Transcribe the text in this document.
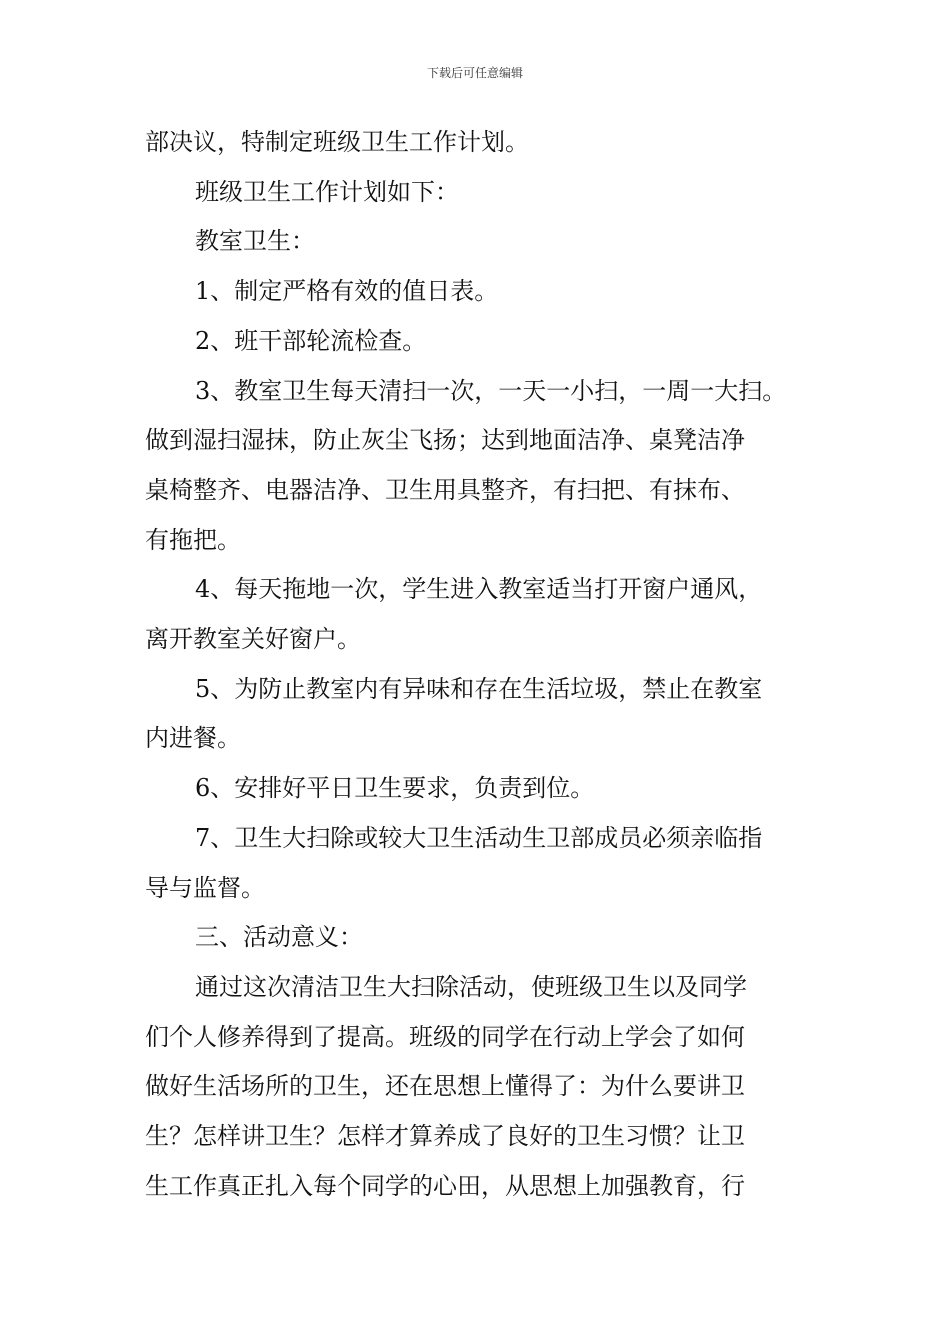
下载后可任意编辑
部决议，特制定班级卫生工作计划。
班级卫生工作计划如下：
教室卫生：
1、制定严格有效的值日表。
2、班干部轮流检查。
3、教室卫生每天清扫一次，一天一小扫，一周一大扫。
做到湿扫湿抹，防止灰尘飞扬；达到地面洁净、桌凳洁净
桌椅整齐、电器洁净、卫生用具整齐，有扫把、有抹布、
有拖把。
4、每天拖地一次，学生进入教室适当打开窗户通风，
离开教室关好窗户。
5、为防止教室内有异味和存在生活垃圾，禁止在教室
内进餐。
6、安排好平日卫生要求，负责到位。
7、卫生大扫除或较大卫生活动生卫部成员必须亲临指
导与监督。
三、活动意义：
通过这次清洁卫生大扫除活动，使班级卫生以及同学
们个人修养得到了提高。班级的同学在行动上学会了如何
做好生活场所的卫生，还在思想上懂得了：为什么要讲卫
生？怎样讲卫生？怎样才算养成了良好的卫生习惯？让卫
生工作真正扎入每个同学的心田，从思想上加强教育，行
